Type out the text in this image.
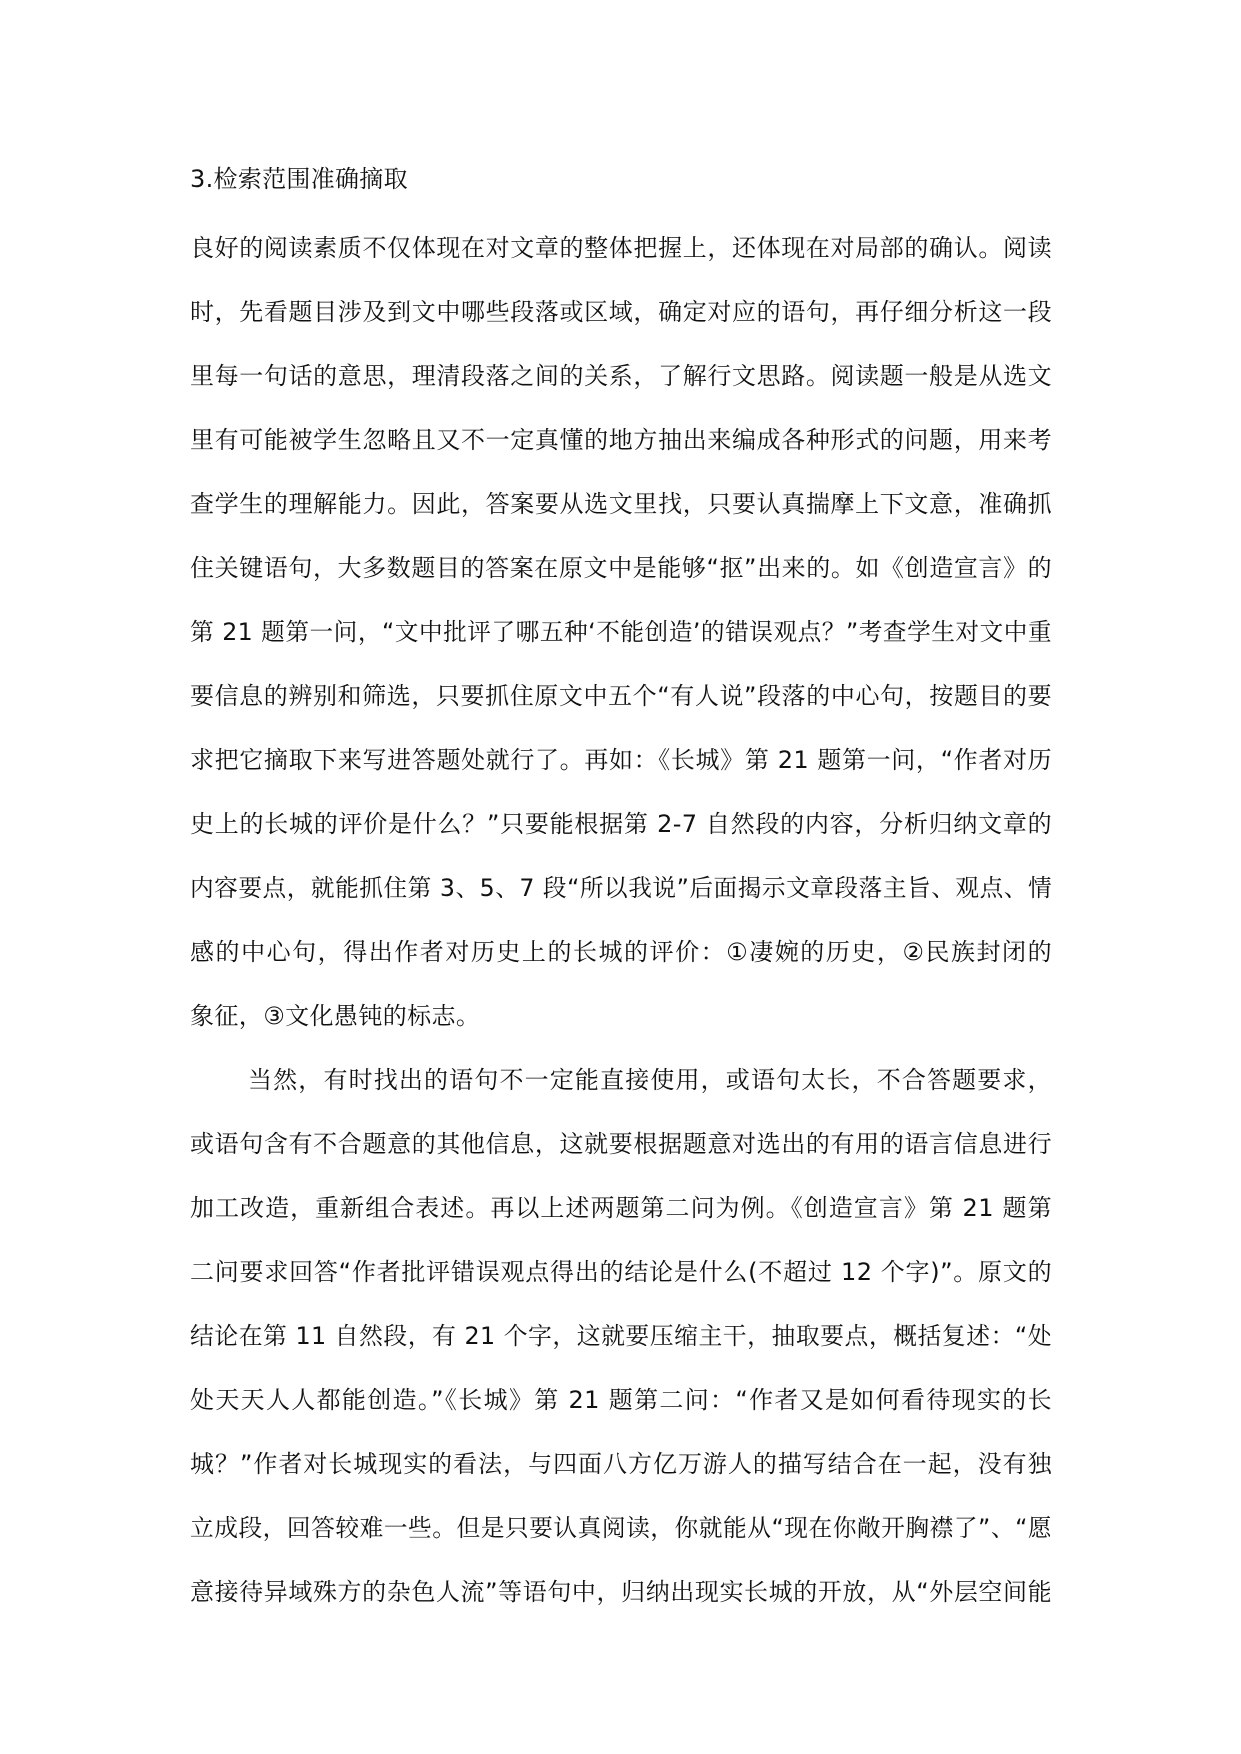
3.检索范围准确摘取
良好的阅读素质不仅体现在对文章的整体把握上，还体现在对局部的确认。阅读
时，先看题目涉及到文中哪些段落或区域，确定对应的语句，再仔细分析这一段
里每一句话的意思，理清段落之间的关系，了解行文思路。阅读题一般是从选文
里有可能被学生忽略且又不一定真懂的地方抽出来编成各种形式的问题，用来考
查学生的理解能力。因此，答案要从选文里找，只要认真揣摩上下文意，准确抓
住关键语句，大多数题目的答案在原文中是能够“抠”出来的。如《创造宣言》的
第 21 题第一问，“文中批评了哪五种‘不能创造’的错误观点？”考查学生对文中重
要信息的辨别和筛选，只要抓住原文中五个“有人说”段落的中心句，按题目的要
求把它摘取下来写进答题处就行了。再如：《长城》第 21 题第一问，“作者对历
史上的长城的评价是什么？”只要能根据第 2-7 自然段的内容，分析归纳文章的
内容要点，就能抓住第 3、5、7 段“所以我说”后面揭示文章段落主旨、观点、情
感的中心句，得出作者对历史上的长城的评价：①凄婉的历史，②民族封闭的
象征，③文化愚钝的标志。
当然，有时找出的语句不一定能直接使用，或语句太长，不合答题要求，
或语句含有不合题意的其他信息，这就要根据题意对选出的有用的语言信息进行
加工改造，重新组合表述。再以上述两题第二问为例。《创造宣言》第 21 题第
二问要求回答“作者批评错误观点得出的结论是什么(不超过 12 个字)”。原文的
结论在第 11 自然段，有 21 个字，这就要压缩主干，抽取要点，概括复述：“处
处天天人人都能创造。”《长城》第 21 题第二问：“作者又是如何看待现实的长
城？”作者对长城现实的看法，与四面八方亿万游人的描写结合在一起，没有独
立成段，回答较难一些。但是只要认真阅读，你就能从“现在你敞开胸襟了”、“愿
意接待异域殊方的杂色人流”等语句中，归纳出现实长城的开放，从“外层空间能
